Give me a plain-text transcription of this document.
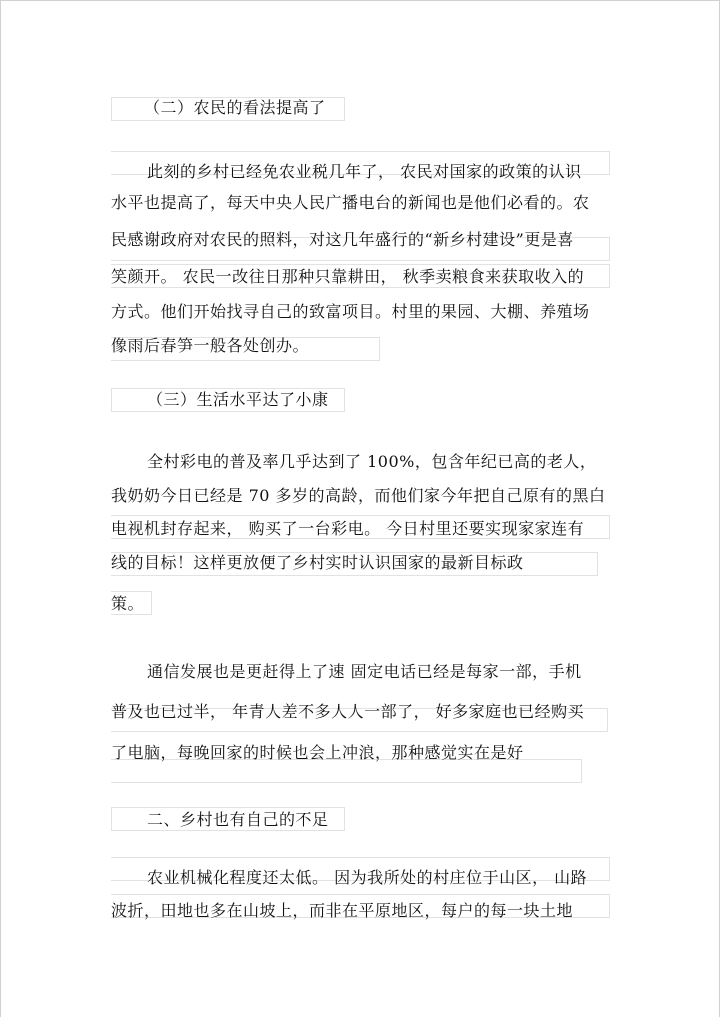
（二）农民的看法提高了
此刻的乡村已经免农业税几年了， 农民对国家的政策的认识
水平也提高了，每天中央人民广播电台的新闻也是他们必看的。农
民感谢政府对农民的照料，对这几年盛行的“新乡村建设”更是喜
笑颜开。 农民一改往日那种只靠耕田， 秋季卖粮食来获取收入的
方式。他们开始找寻自己的致富项目。村里的果园、大棚、养殖场
像雨后春笋一般各处创办。
（三）生活水平达了小康
全村彩电的普及率几乎达到了 100%，包含年纪已高的老人，
我奶奶今日已经是 70 多岁的高龄，而他们家今年把自己原有的黑白
电视机封存起来， 购买了一台彩电。 今日村里还要实现家家连有
线的目标！这样更放便了乡村实时认识国家的最新目标政
策。
通信发展也是更赶得上了速 固定电话已经是每家一部，手机
普及也已过半， 年青人差不多人人一部了， 好多家庭也已经购买
了电脑，每晚回家的时候也会上冲浪，那种感觉实在是好
二、乡村也有自己的不足
农业机械化程度还太低。 因为我所处的村庄位于山区， 山路
波折，田地也多在山坡上，而非在平原地区，每户的每一块土地
